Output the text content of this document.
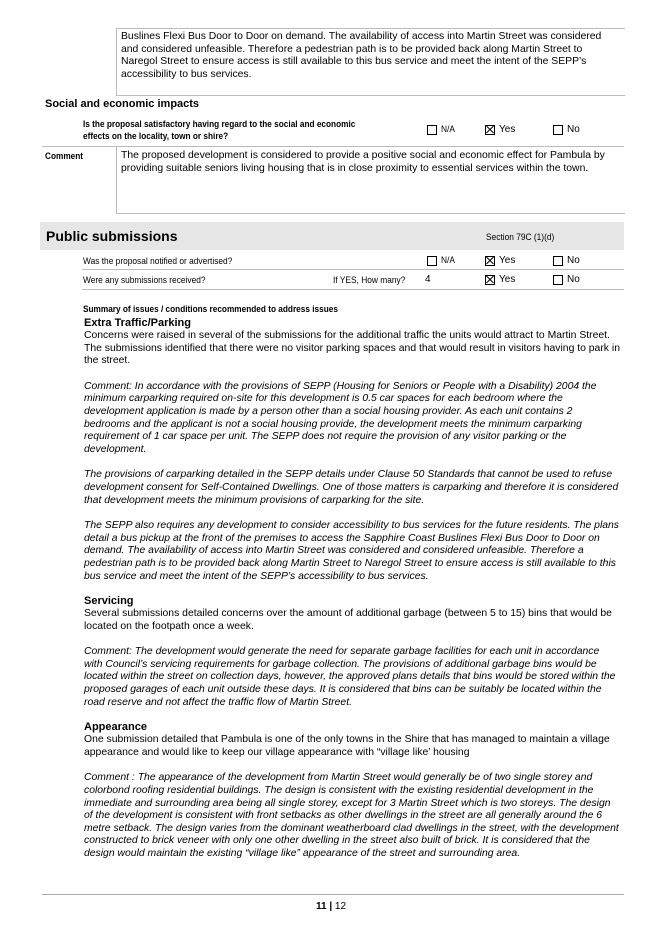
Buslines Flexi Bus Door to Door on demand. The availability of access into Martin Street was considered and considered unfeasible. Therefore a pedestrian path is to be provided back along Martin Street to Naregol Street to ensure access is still available to this bus service and meet the intent of the SEPP’s accessibility to bus services.

Social and economic impacts
Is the proposal satisfactory having regard to the social and economic effects on the locality, town or shire?
N/A	Yes	No
Comment	The proposed development is considered to provide a positive social and economic effect for Pambula by providing suitable seniors living housing that is in close proximity to essential services within the town.

Public submissions	Section 79C (1)(d)
Was the proposal notified or advertised?	N/A	Yes	No
Were any submissions received?	If YES, How many? 4	Yes	No
Summary of issues / conditions recommended to address issues
Extra Traffic/Parking

Concerns were raised in several of the submissions for the additional traffic the units would attract to Martin Street. The submissions identified that there were no visitor parking spaces and that would result in visitors having to park in the street.

Comment: In accordance with the provisions of SEPP (Housing for Seniors or People with a Disability) 2004 the minimum carparking required on-site for this development is 0.5 car spaces for each bedroom where the development application is made by a person other than a social housing provider. As each unit contains 2 bedrooms and the applicant is not a social housing provide, the development meets the minimum carparking requirement of 1 car space per unit. The SEPP does not require the provision of any visitor parking or the development.

The provisions of carparking detailed in the SEPP details under Clause 50 Standards that cannot be used to refuse development consent for Self-Contained Dwellings. One of those matters is carparking and therefore it is considered that development meets the minimum provisions of carparking for the site.

The SEPP also requires any development to consider accessibility to bus services for the future residents. The plans detail a bus pickup at the front of the premises to access the Sapphire Coast Buslines Flexi Bus Door to Door on demand. The availability of access into Martin Street was considered and considered unfeasible. Therefore a pedestrian path is to be provided back along Martin Street to Naregol Street to ensure access is still available to this bus service and meet the intent of the SEPP’s accessibility to bus services.

Servicing

Several submissions detailed concerns over the amount of additional garbage (between 5 to 15) bins that would be located on the footpath once a week.

Comment: The development would generate the need for separate garbage facilities for each unit in accordance with Council’s servicing requirements for garbage collection. The provisions of additional garbage bins would be located within the street on collection days, however, the approved plans details that bins would be stored within the proposed garages of each unit outside these days. It is considered that bins can be suitably be located within the road reserve and not affect the traffic flow of Martin Street.

Appearance

One submission detailed that Pambula is one of the only towns in the Shire that has managed to maintain a village appearance and would like to keep our village appearance with “village like’ housing

Comment : The appearance of the development from Martin Street would generally be of two single storey and colorbond roofing residential buildings. The design is consistent with the existing residential development in the immediate and surrounding area being all single storey, except for 3 Martin Street which is two storeys. The design of the development is consistent with front setbacks as other dwellings in the street are all generally around the 6 metre setback. The design varies from the dominant weatherboard clad dwellings in the street, with the development constructed to brick veneer with only one other dwelling in the street also built of brick. It is considered that the design would maintain the existing “village like” appearance of the street and surrounding area.

11 | 12
